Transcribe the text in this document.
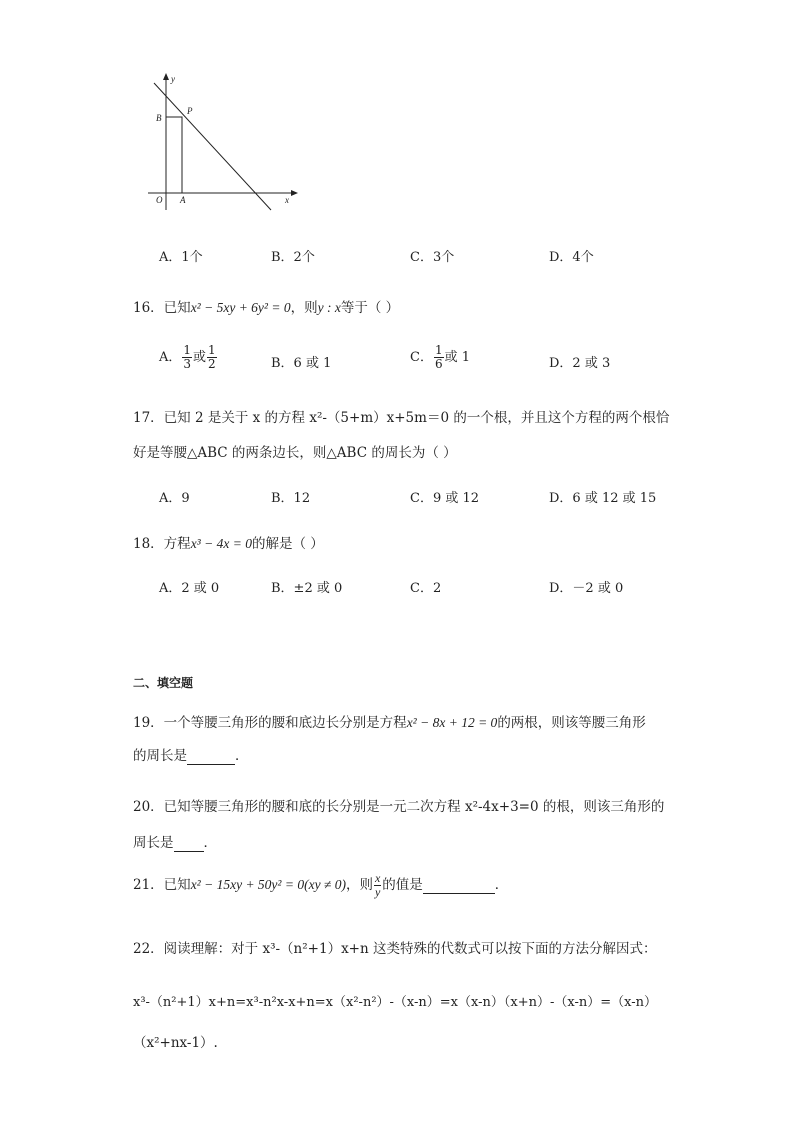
y
x
O A
B
P
A．1个	B．2个	C．3个	D．4个
16．已知x² − 5xy + 6y² = 0，则y : x等于（ ）
A． $\frac{1}{3}$ 或 $\frac{1}{2}$	B．6 或 1	C． $\frac{1}{6}$ 或 1	D．2 或 3
17．已知 2 是关于 x 的方程 x²-（5+m）x+5m＝0 的一个根，并且这个方程的两个根恰
好是等腰△ABC 的两条边长，则△ABC 的周长为（ ）
A．9	B．12	C．9 或 12	D．6 或 12 或 15
18．方程x³ − 4x = 0的解是（ ）
A．2 或 0	B．±2 或 0	C．2	D．－2 或 0
二、填空题
19．一个等腰三角形的腰和底边长分别是方程x² − 8x + 12 = 0的两根，则该等腰三角形
的周长是	．
20．已知等腰三角形的腰和底的长分别是一元二次方程 x²-4x+3=0 的根，则该三角形的
周长是 ．
21．已知x² − 15xy + 50y² = 0(xy ≠ 0)，则 $\frac{x}{y}$ 的值是	．
22．阅读理解：对于 x³-（n²+1）x+n 这类特殊的代数式可以按下面的方法分解因式：
x³-（n²+1）x+n=x³-n²x-x+n=x（x²-n²）-（x-n）=x（x-n）（x+n）-（x-n）=（x-n）
（x²+nx-1）.
